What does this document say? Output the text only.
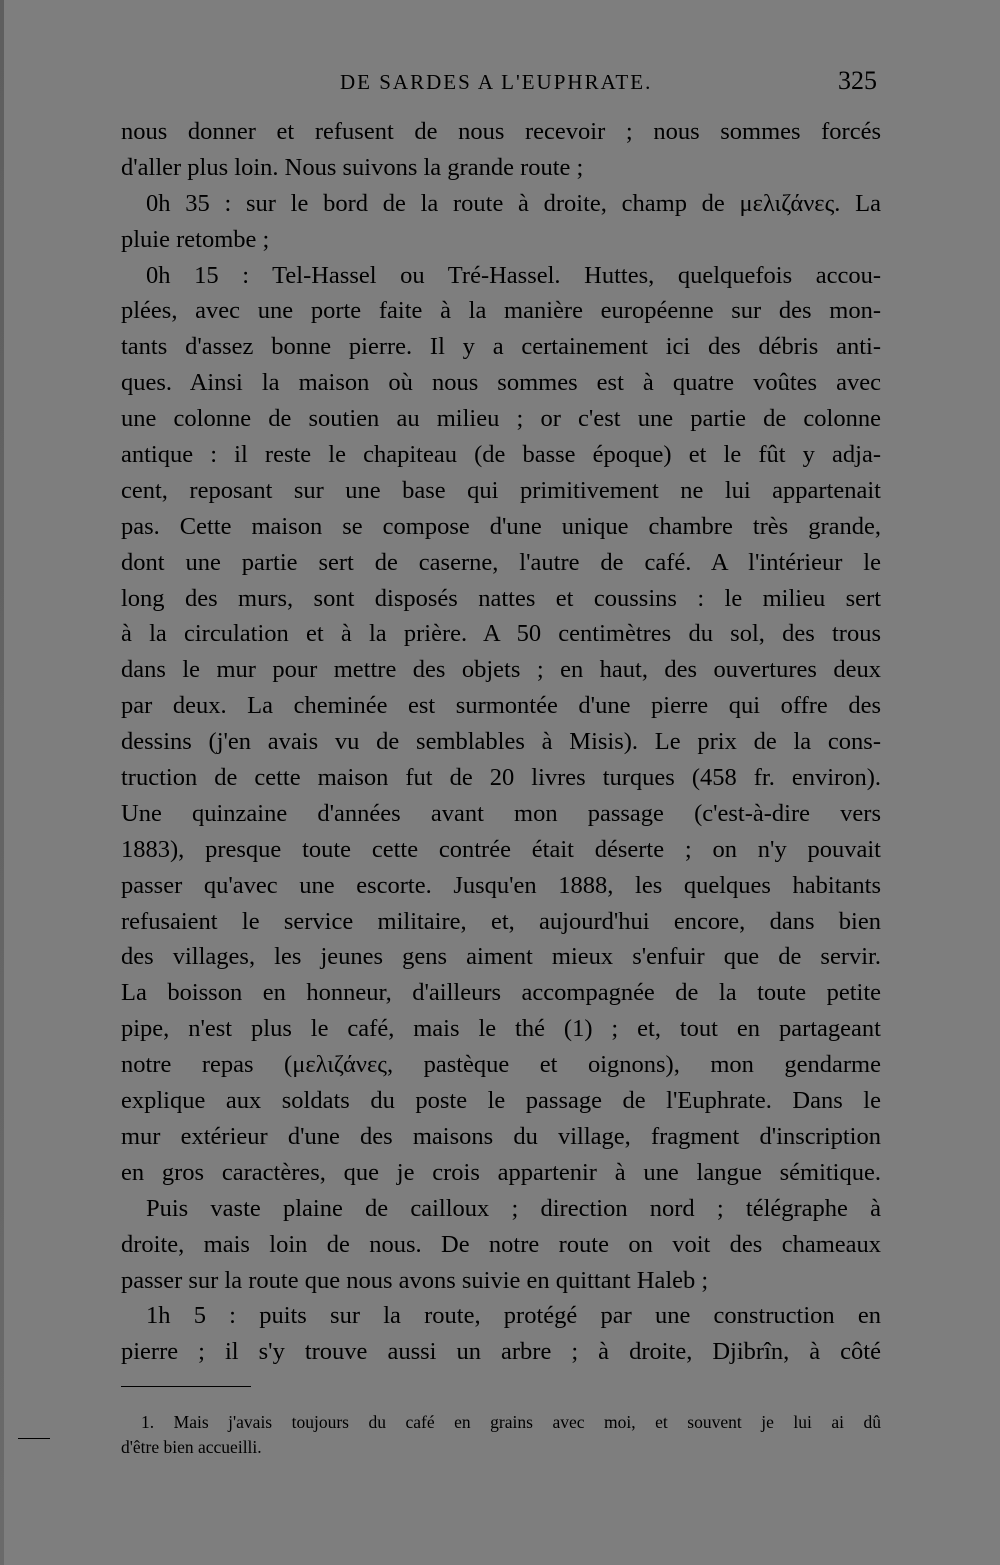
DE SARDES A L'EUPHRATE.	325
nous donner et refusent de nous recevoir ; nous sommes forcés
d'aller plus loin. Nous suivons la grande route ;
0h 35 : sur le bord de la route à droite, champ de μελιζάνες. La
pluie retombe ;
0h 15 : Tel-Hassel ou Tré-Hassel. Huttes, quelquefois accou-
plées, avec une porte faite à la manière européenne sur des mon-
tants d'assez bonne pierre. Il y a certainement ici des débris anti-
ques. Ainsi la maison où nous sommes est à quatre voûtes avec
une colonne de soutien au milieu ; or c'est une partie de colonne
antique : il reste le chapiteau (de basse époque) et le fût y adja-
cent, reposant sur une base qui primitivement ne lui appartenait
pas. Cette maison se compose d'une unique chambre très grande,
dont une partie sert de caserne, l'autre de café. A l'intérieur le
long des murs, sont disposés nattes et coussins : le milieu sert
à la circulation et à la prière. A 50 centimètres du sol, des trous
dans le mur pour mettre des objets ; en haut, des ouvertures deux
par deux. La cheminée est surmontée d'une pierre qui offre des
dessins (j'en avais vu de semblables à Misis). Le prix de la cons-
truction de cette maison fut de 20 livres turques (458 fr. environ).
Une quinzaine d'années avant mon passage (c'est-à-dire vers
1883), presque toute cette contrée était déserte ; on n'y pouvait
passer qu'avec une escorte. Jusqu'en 1888, les quelques habitants
refusaient le service militaire, et, aujourd'hui encore, dans bien
des villages, les jeunes gens aiment mieux s'enfuir que de servir.
La boisson en honneur, d'ailleurs accompagnée de la toute petite
pipe, n'est plus le café, mais le thé (1) ; et, tout en partageant
notre repas (μελιζάνες, pastèque et oignons), mon gendarme
explique aux soldats du poste le passage de l'Euphrate. Dans le
mur extérieur d'une des maisons du village, fragment d'inscription
en gros caractères, que je crois appartenir à une langue sémitique.
Puis vaste plaine de cailloux ; direction nord ; télégraphe à
droite, mais loin de nous. De notre route on voit des chameaux
passer sur la route que nous avons suivie en quittant Haleb ;
1h 5 : puits sur la route, protégé par une construction en
pierre ; il s'y trouve aussi un arbre ; à droite, Djibrîn, à côté
1. Mais j'avais toujours du café en grains avec moi, et souvent je lui ai dû
d'être bien accueilli.
